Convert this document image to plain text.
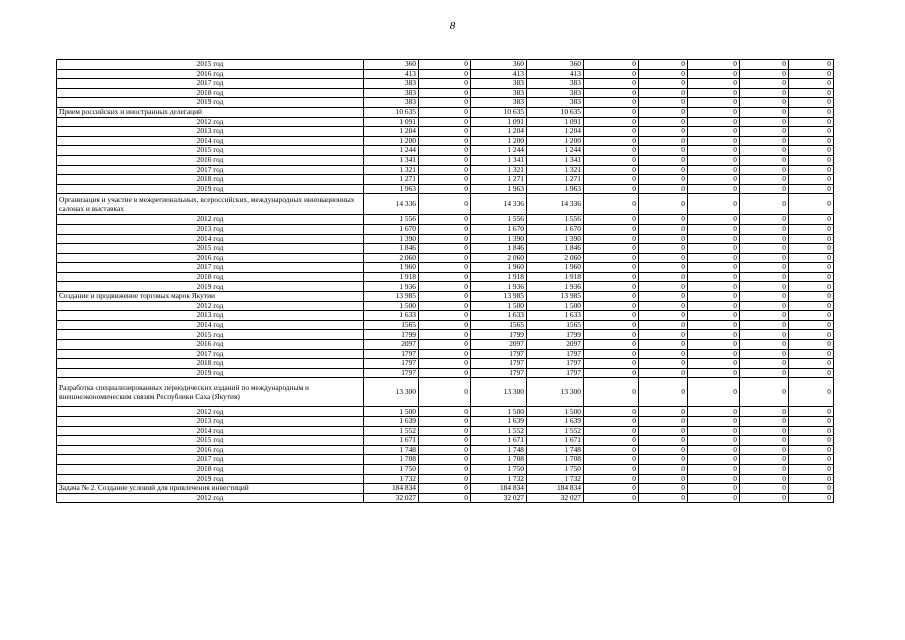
8
2015 год	360	0	360	360	0	0	0	0	0
2016 год	413	0	413	413	0	0	0	0	0
2017 год	383	0	383	383	0	0	0	0	0
2018 год	383	0	383	383	0	0	0	0	0
2019 год	383	0	383	383	0	0	0	0	0
Прием российских и иностранных делегаций	10 635	0	10 635	10 635	0	0	0	0	0
2012 год	1 091	0	1 091	1 091	0	0	0	0	0
2013 год	1 204	0	1 204	1 204	0	0	0	0	0
2014 год	1 200	0	1 200	1 200	0	0	0	0	0
2015 год	1 244	0	1 244	1 244	0	0	0	0	0
2016 год	1 341	0	1 341	1 341	0	0	0	0	0
2017 год	1 321	0	1 321	1 321	0	0	0	0	0
2018 год	1 271	0	1 271	1 271	0	0	0	0	0
2019 год	1 963	0	1 963	1 963	0	0	0	0	0
Организация и участие в межрегиональных, всероссийских, международных инновационных салонах и выставках	14 336	0	14 336	14 336	0	0	0	0	0
2012 год	1 556	0	1 556	1 556	0	0	0	0	0
2013 год	1 670	0	1 670	1 670	0	0	0	0	0
2014 год	1 390	0	1 390	1 390	0	0	0	0	0
2015 год	1 846	0	1 846	1 846	0	0	0	0	0
2016 год	2 060	0	2 060	2 060	0	0	0	0	0
2017 год	1 960	0	1 960	1 960	0	0	0	0	0
2018 год	1 918	0	1 918	1 918	0	0	0	0	0
2019 год	1 936	0	1 936	1 936	0	0	0	0	0
Создание и продвижение торговых марок Якутии	13 985	0	13 985	13 985	0	0	0	0	0
2012 год	1 500	0	1 500	1 500	0	0	0	0	0
2013 год	1 633	0	1 633	1 633	0	0	0	0	0
2014 год	1565	0	1565	1565	0	0	0	0	0
2015 год	1799	0	1799	1799	0	0	0	0	0
2016 год	2097	0	2097	2097	0	0	0	0	0
2017 год	1797	0	1797	1797	0	0	0	0	0
2018 год	1797	0	1797	1797	0	0	0	0	0
2019 год	1797	0	1797	1797	0	0	0	0	0
Разработка специализированных периодических изданий по международным и внешнеэкономическим связям Республики Саха (Якутия)	13 300	0	13 300	13 300	0	0	0	0	0
2012 год	1 500	0	1 500	1 500	0	0	0	0	0
2013 год	1 639	0	1 639	1 639	0	0	0	0	0
2014 год	1 552	0	1 552	1 552	0	0	0	0	0
2015 год	1 671	0	1 671	1 671	0	0	0	0	0
2016 год	1 748	0	1 748	1 748	0	0	0	0	0
2017 год	1 708	0	1 708	1 708	0	0	0	0	0
2018 год	1 750	0	1 750	1 750	0	0	0	0	0
2019 год	1 732	0	1 732	1 732	0	0	0	0	0
Задача № 2. Создание условий для привлечения инвестиций	184 834	0	184 834	184 834	0	0	0	0	0
2012 год	32 027	0	32 027	32 027	0	0	0	0	0
